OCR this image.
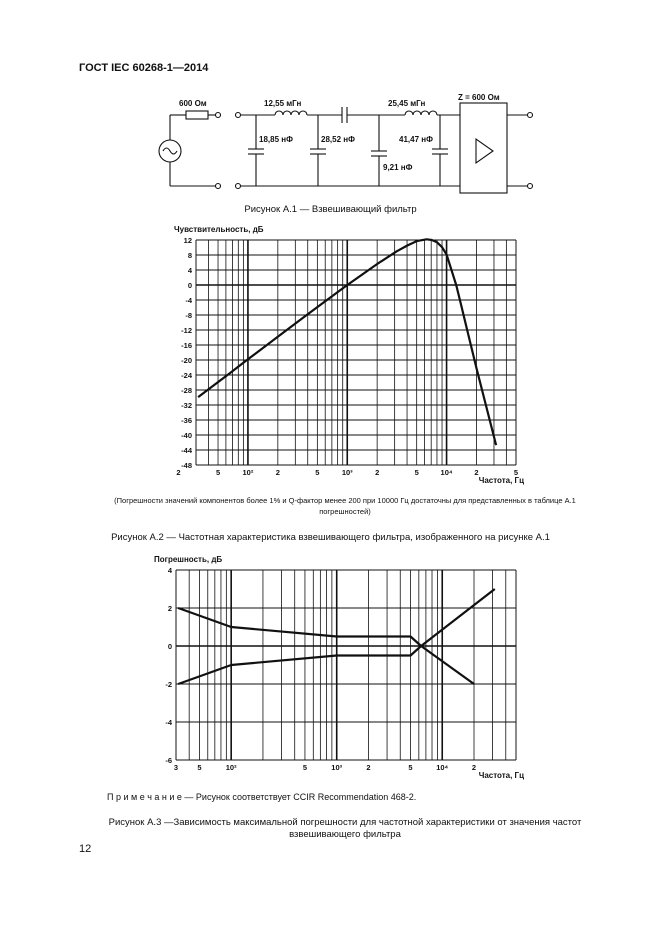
ГОСТ IEC 60268-1—2014
600 Ом	12,55 мГн	25,45 мГн
18,85 нФ	28,52 нФ
9,21 нФ
41,47 нФ
Z = 600 Ом
Рисунок А.1 — Взвешивающий фильтр
12
8
4
0
-4
-8
-12
-16
-20
-24
-28
-32
-36
-40
-44
-48
2	5	10²	2	5	10³	2	5	10⁴	2	5
Чувствительность, дБ
Частота, Гц
(Погрешности значений компонентов более 1% и Q-фактор менее 200 при 10000 Гц достаточны для представленных в таблице А.1 погрешностей)
Рисунок А.2 — Частотная характеристика взвешивающего фильтра, изображенного на рисунке А.1
4
2
0
-2
-4
-6
3	5	10²	5	10³	2	5	10⁴	2
Погрешность, дБ
Частота, Гц
П р и м е ч а н и е — Рисунок соответствует CCIR Recommendation 468-2.
Рисунок А.3 —Зависимость максимальной погрешности для частотной характеристики от значения частот взвешивающего фильтра
12
